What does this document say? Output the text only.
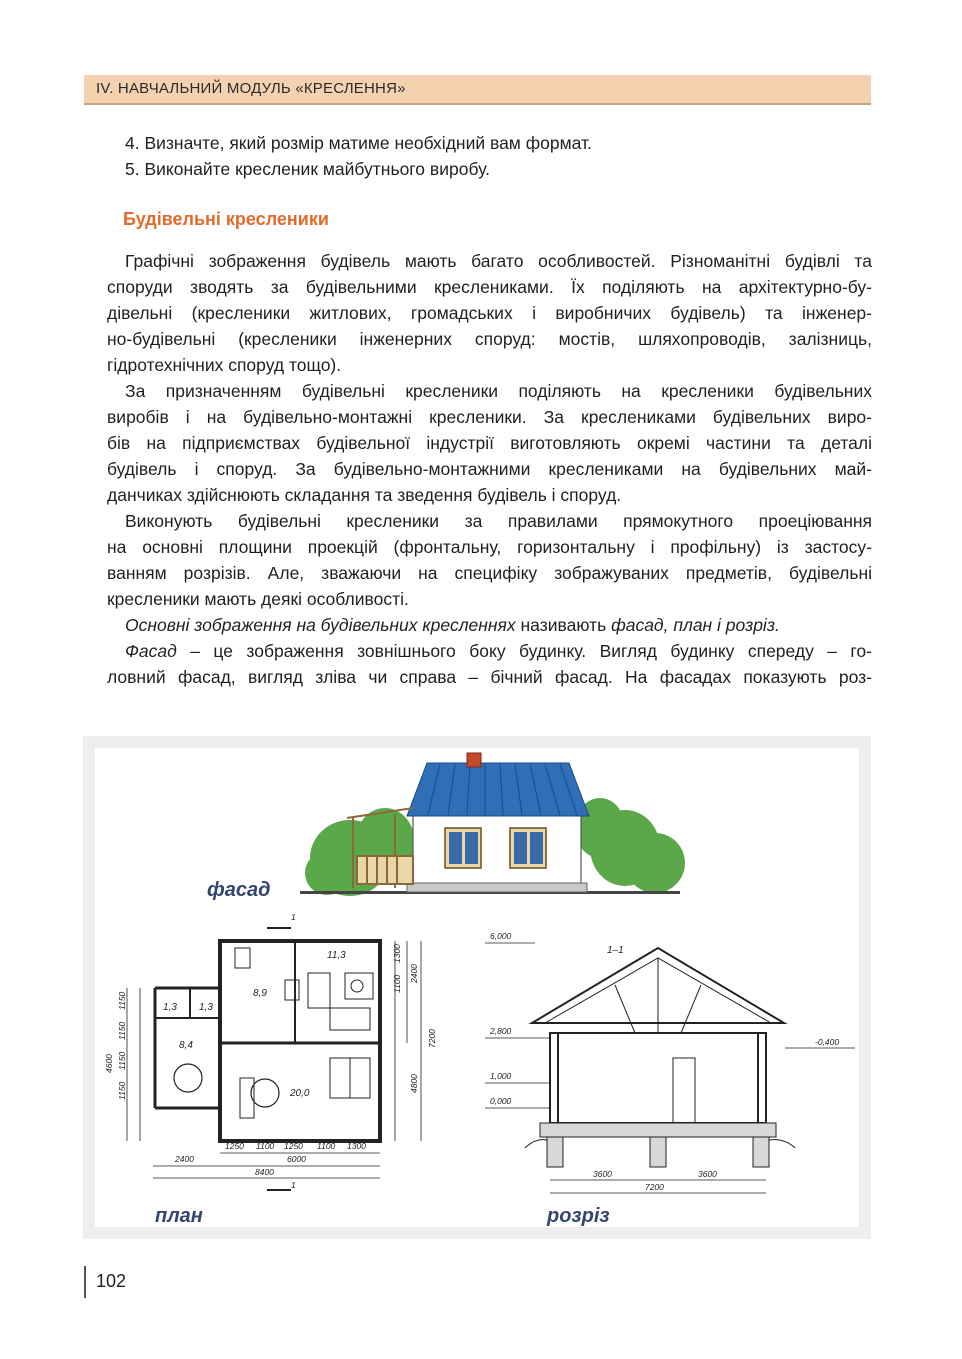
IV. НАВЧАЛЬНИЙ МОДУЛЬ «КРЕСЛЕННЯ»
4. Визначте, який розмір матиме необхідний вам формат.
5. Виконайте кресленик майбутнього виробу.
Будівельні кресленики
Графічні зображення будівель мають багато особливостей. Різноманітні будівлі та
споруди зводять за будівельними креслениками. Їх поділяють на архітектурно-бу-
дівельні (кресленики житлових, громадських і виробничих будівель) та інженер-
но-будівельні (кресленики інженерних споруд: мостів, шляхопроводів, залізниць,
гідротехнічних споруд тощо).
За призначенням будівельні кресленики поділяють на кресленики будівельних
виробів і на будівельно-монтажні кресленики. За креслениками будівельних виро-
бів на підприємствах будівельної індустрії виготовляють окремі частини та деталі
будівель і споруд. За будівельно-монтажними креслениками на будівельних май-
данчиках здійснюють складання та зведення будівель і споруд.
Виконують будівельні кресленики за правилами прямокутного проеціювання
на основні площини проекцій (фронтальну, горизонтальну і профільну) із застосу-
ванням розрізів. Але, зважаючи на специфіку зображуваних предметів, будівельні
кресленики мають деякі особливості.
Основні зображення на будівельних кресленнях називають фасад, план і розріз.
Фасад – це зображення зовнішнього боку будинку. Вигляд будинку спереду – го-
ловний фасад, вигляд зліва чи справа – бічний фасад. На фасадах показують роз-
фасад
8,9
11,3
1,3 1,3
8,4
20,0
1250 1100 1250 1100 1300
2400	6000
8400
1300
1100
2400
7200
4800
1150
1150
1150
1150
4600
1
1
план
6,000
2,800
1,000
0,000
-0,400
3600	3600
7200
1–1
розріз
102
